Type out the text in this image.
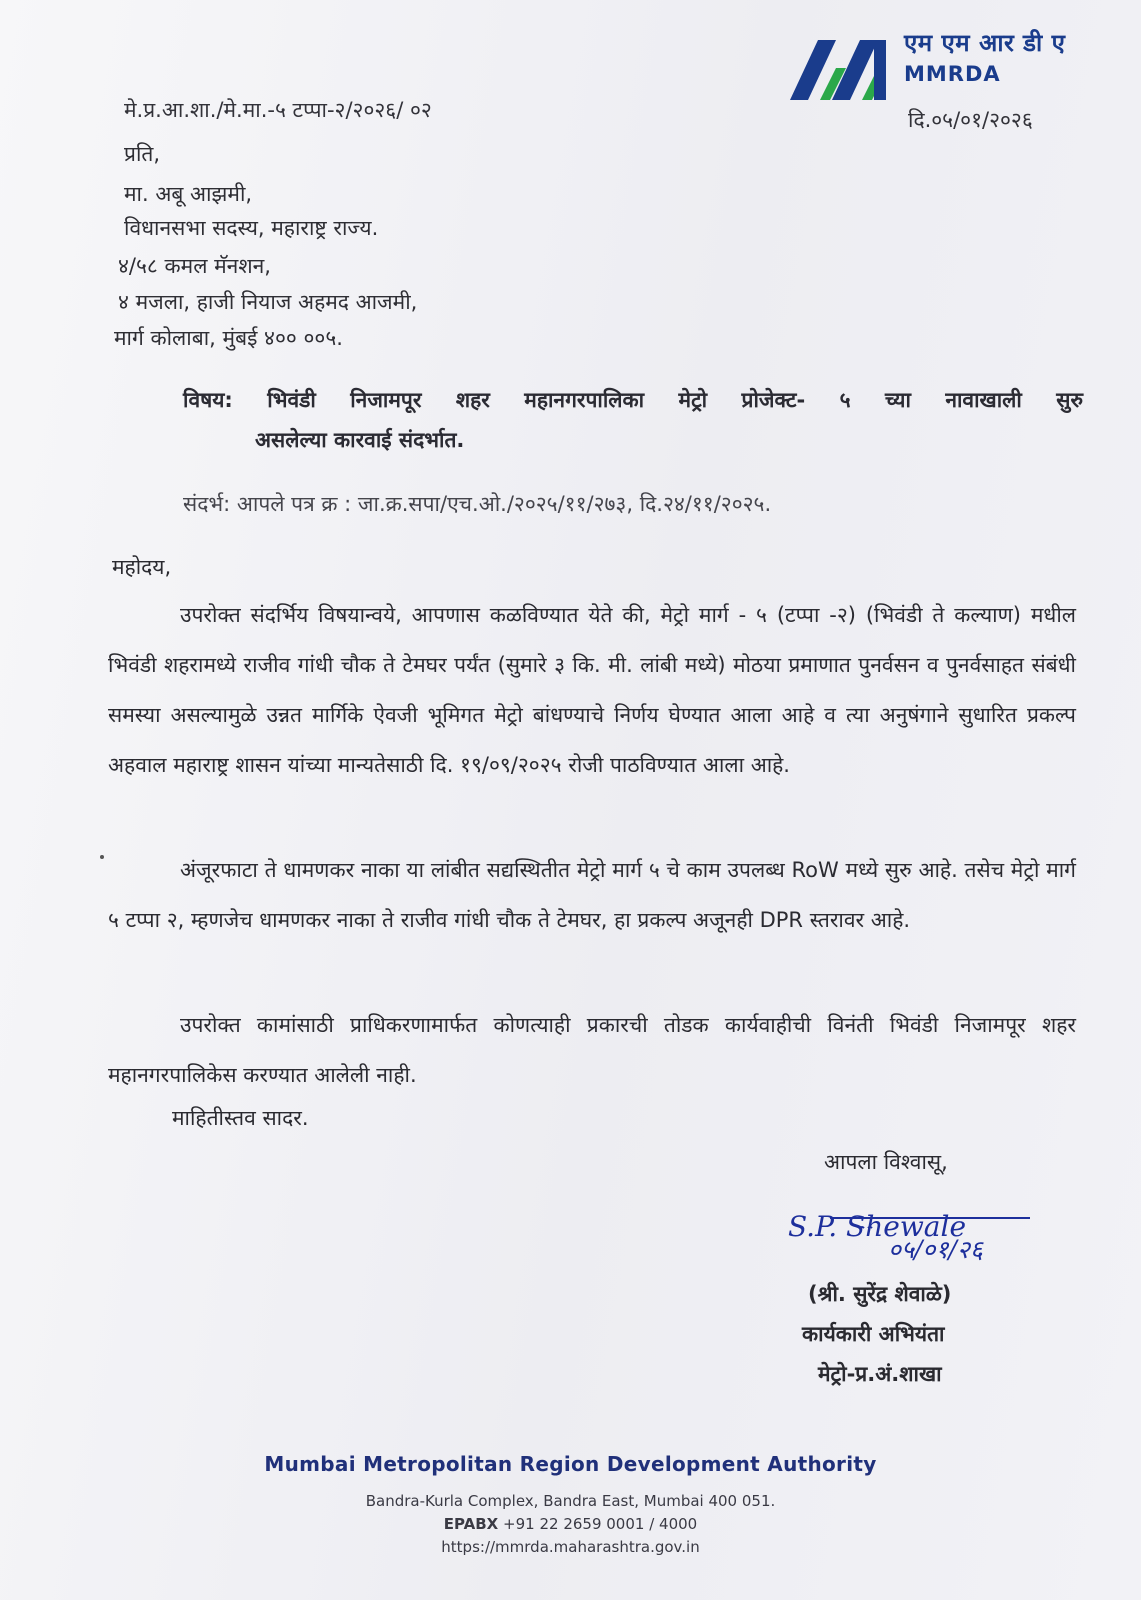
एम एम आर डी ए
MMRDA
मे.प्र.आ.शा./मे.मा.-५ टप्पा-२/२०२६/ ०२	दि.०५/०१/२०२६
प्रति,
मा. अबू आझमी,
विधानसभा सदस्य, महाराष्ट्र राज्य.
४/५८ कमल मॅनशन,
४ मजला, हाजी नियाज अहमद आजमी,
मार्ग कोलाबा, मुंबई ४०० ००५.
विषय: भिवंडी निजामपूर शहर महानगरपालिका मेट्रो प्रोजेक्ट- ५ च्या नावाखाली सुरु
असलेल्या कारवाई संदर्भात.
संदर्भ: आपले पत्र क्र : जा.क्र.सपा/एच.ओ./२०२५/११/२७३, दि.२४/११/२०२५.
महोदय,

उपरोक्त संदर्भिय विषयान्वये, आपणास कळविण्यात येते की, मेट्रो मार्ग - ५ (टप्पा -२) (भिवंडी ते कल्याण) मधील भिवंडी शहरामध्ये राजीव गांधी चौक ते टेमघर पर्यंत (सुमारे ३ कि. मी. लांबी मध्ये) मोठया प्रमाणात पुनर्वसन व पुनर्वसाहत संबंधी समस्या असल्यामुळे उन्नत मार्गिके ऐवजी भूमिगत मेट्रो बांधण्याचे निर्णय घेण्यात आला आहे व त्या अनुषंगाने सुधारित प्रकल्प अहवाल महाराष्ट्र शासन यांच्या मान्यतेसाठी दि. १९/०९/२०२५ रोजी पाठविण्यात आला आहे.

अंजूरफाटा ते धामणकर नाका या लांबीत सद्यस्थितीत मेट्रो मार्ग ५ चे काम उपलब्ध RoW मध्ये सुरु आहे. तसेच मेट्रो मार्ग ५ टप्पा २, म्हणजेच धामणकर नाका ते राजीव गांधी चौक ते टेमघर, हा प्रकल्प अजूनही DPR स्तरावर आहे.

उपरोक्त कामांसाठी प्राधिकरणामार्फत कोणत्याही प्रकारची तोडक कार्यवाहीची विनंती भिवंडी निजामपूर शहर महानगरपालिकेस करण्यात आलेली नाही.

माहितीस्तव सादर.
आपला विश्वासू,
S.P. Shewale
०५/०१/२६
(श्री. सुरेंद्र शेवाळे)
कार्यकारी अभियंता
मेट्रो-प्र.अं.शाखा
Mumbai Metropolitan Region Development Authority
Bandra-Kurla Complex, Bandra East, Mumbai 400 051.
EPABX +91 22 2659 0001 / 4000
https://mmrda.maharashtra.gov.in
